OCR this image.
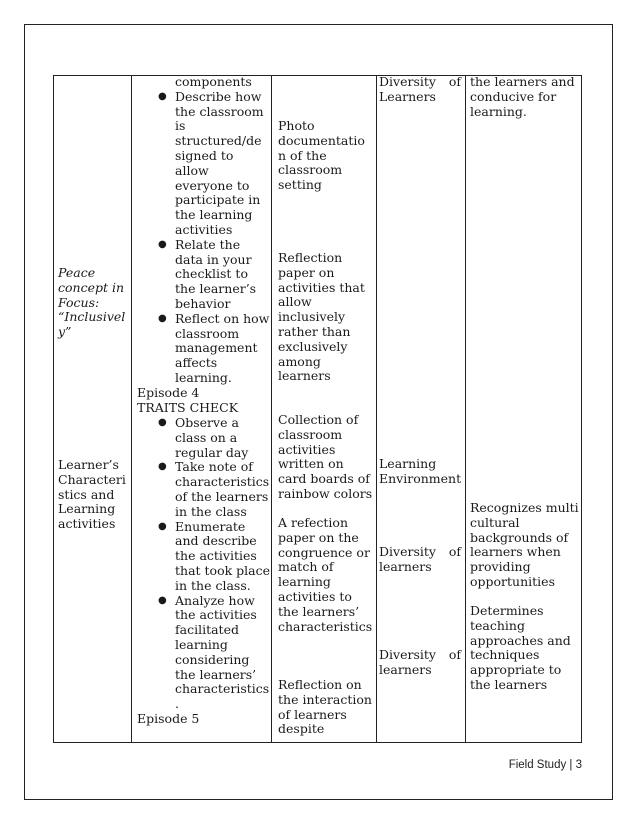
Peace
concept in
Focus:
“Inclusivel
y”
Learner’s
Characteri
stics and
Learning
activities
components
● Describe how
the classroom
is
structured/de
signed to allow
everyone to
participate in
the learning
activities
● Relate the
data in your
checklist to
the learner’s
behavior
● Reflect on how
classroom
management
affects
learning.
Episode 4
TRAITS CHECK
● Observe a
class on a
regular day
● Take note of
characteristics
of the learners
in the class
● Enumerate
and describe
the activities
that took place
in the class.
● Analyze how
the activities
facilitated
learning
considering
the learners’
characteristics
.
Episode 5
Photo
documentatio
n of the
classroom
setting
Reflection
paper on
activities that
allow
inclusively
rather than
exclusively
among
learners
Collection of
classroom
activities
written on
card boards of
rainbow colors
A refection
paper on the
congruence or
match of
learning
activities to
the learners’
characteristics
Reflection on
the interaction
of learners
despite
Diversity of
Learners
Learning
Environment
Diversity of
learners
Diversity of
learners
the learners and
conducive for
learning.
Recognizes multi
cultural
backgrounds of
learners when
providing
opportunities
Determines
teaching
approaches and
techniques
appropriate to
the learners
Field Study | 3
